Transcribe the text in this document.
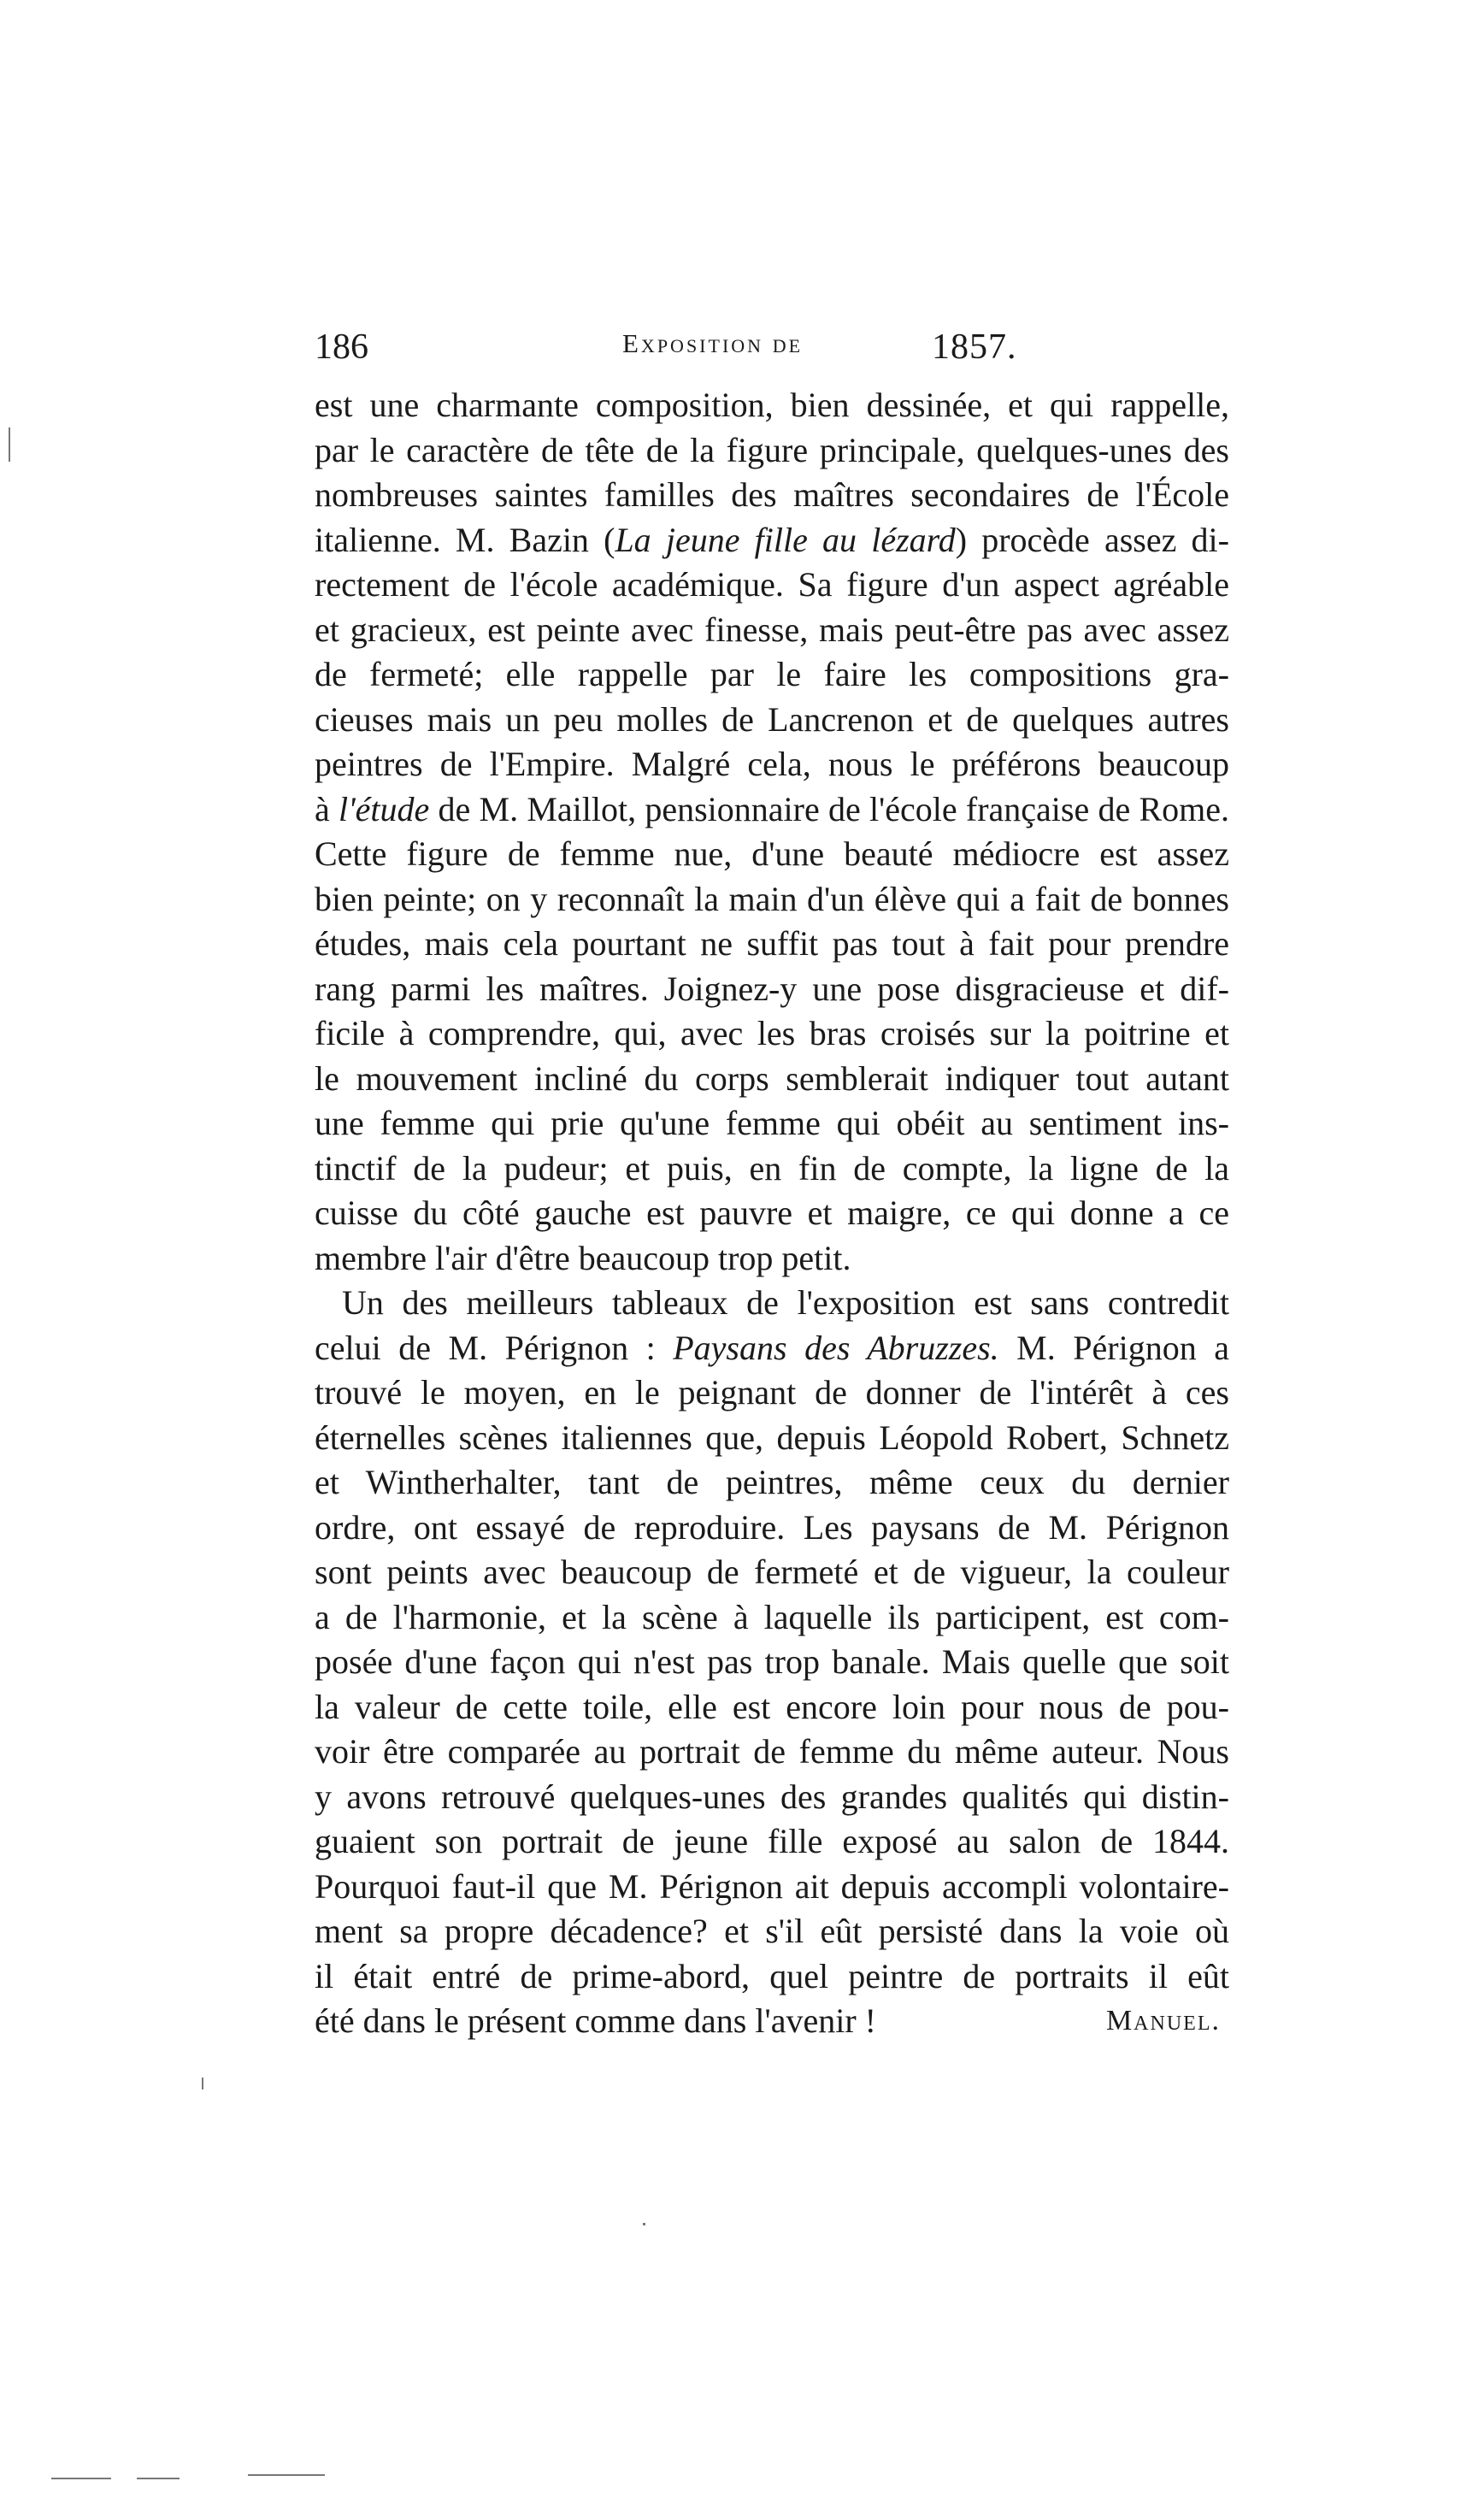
186	Exposition de	1857.
est une charmante composition, bien dessinée, et qui rappelle,
par le caractère de tête de la figure principale, quelques-unes des
nombreuses saintes familles des maîtres secondaires de l'École
italienne. M. Bazin (La jeune fille au lézard) procède assez di-
rectement de l'école académique. Sa figure d'un aspect agréable
et gracieux, est peinte avec finesse, mais peut-être pas avec assez
de fermeté; elle rappelle par le faire les compositions gra-
cieuses mais un peu molles de Lancrenon et de quelques autres
peintres de l'Empire. Malgré cela, nous le préférons beaucoup
à l'étude de M. Maillot, pensionnaire de l'école française de Rome.
Cette figure de femme nue, d'une beauté médiocre est assez
bien peinte; on y reconnaît la main d'un élève qui a fait de bonnes
études, mais cela pourtant ne suffit pas tout à fait pour prendre
rang parmi les maîtres. Joignez-y une pose disgracieuse et dif-
ficile à comprendre, qui, avec les bras croisés sur la poitrine et
le mouvement incliné du corps semblerait indiquer tout autant
une femme qui prie qu'une femme qui obéit au sentiment ins-
tinctif de la pudeur; et puis, en fin de compte, la ligne de la
cuisse du côté gauche est pauvre et maigre, ce qui donne a ce
membre l'air d'être beaucoup trop petit.
Un des meilleurs tableaux de l'exposition est sans contredit
celui de M. Pérignon : Paysans des Abruzzes. M. Pérignon a
trouvé le moyen, en le peignant de donner de l'intérêt à ces
éternelles scènes italiennes que, depuis Léopold Robert, Schnetz
et Wintherhalter, tant de peintres, même ceux du dernier
ordre, ont essayé de reproduire. Les paysans de M. Pérignon
sont peints avec beaucoup de fermeté et de vigueur, la couleur
a de l'harmonie, et la scène à laquelle ils participent, est com-
posée d'une façon qui n'est pas trop banale. Mais quelle que soit
la valeur de cette toile, elle est encore loin pour nous de pou-
voir être comparée au portrait de femme du même auteur. Nous
y avons retrouvé quelques-unes des grandes qualités qui distin-
guaient son portrait de jeune fille exposé au salon de 1844.
Pourquoi faut-il que M. Pérignon ait depuis accompli volontaire-
ment sa propre décadence? et s'il eût persisté dans la voie où
il était entré de prime-abord, quel peintre de portraits il eût
été dans le présent comme dans l'avenir !	Manuel.
